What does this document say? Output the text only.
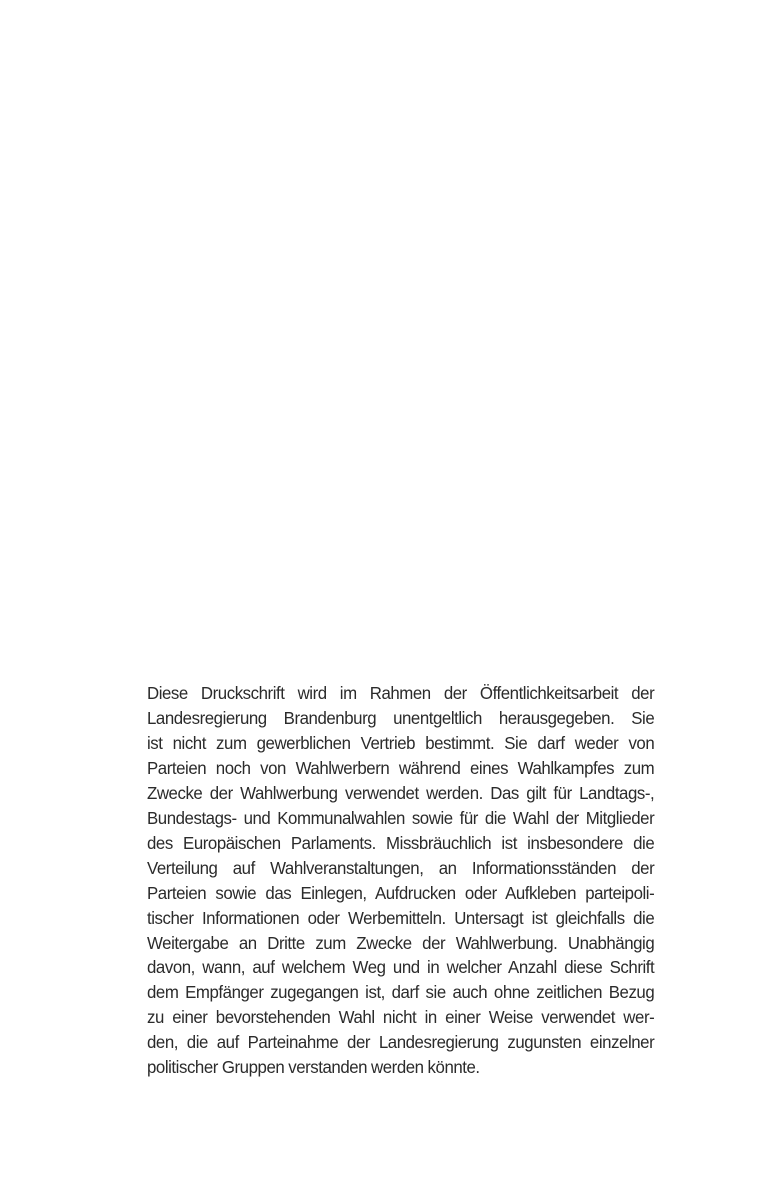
Diese Druckschrift wird im Rahmen der Öffentlichkeitsarbeit der
Landesregierung Brandenburg unentgeltlich herausgegeben. Sie
ist nicht zum gewerblichen Vertrieb bestimmt. Sie darf weder von
Parteien noch von Wahlwerbern während eines Wahlkampfes zum
Zwecke der Wahlwerbung verwendet werden. Das gilt für Landtags-,
Bundestags- und Kommunalwahlen sowie für die Wahl der Mitglieder
des Europäischen Parlaments. Missbräuchlich ist insbesondere die
Verteilung auf Wahlveranstaltungen, an Informationsständen der
Parteien sowie das Einlegen, Aufdrucken oder Aufkleben parteipoli-
tischer Informationen oder Werbemitteln. Untersagt ist gleichfalls die
Weitergabe an Dritte zum Zwecke der Wahlwerbung. Unabhängig
davon, wann, auf welchem Weg und in welcher Anzahl diese Schrift
dem Empfänger zugegangen ist, darf sie auch ohne zeitlichen Bezug
zu einer bevorstehenden Wahl nicht in einer Weise verwendet wer-
den, die auf Parteinahme der Landesregierung zugunsten einzelner
politischer Gruppen verstanden werden könnte.
